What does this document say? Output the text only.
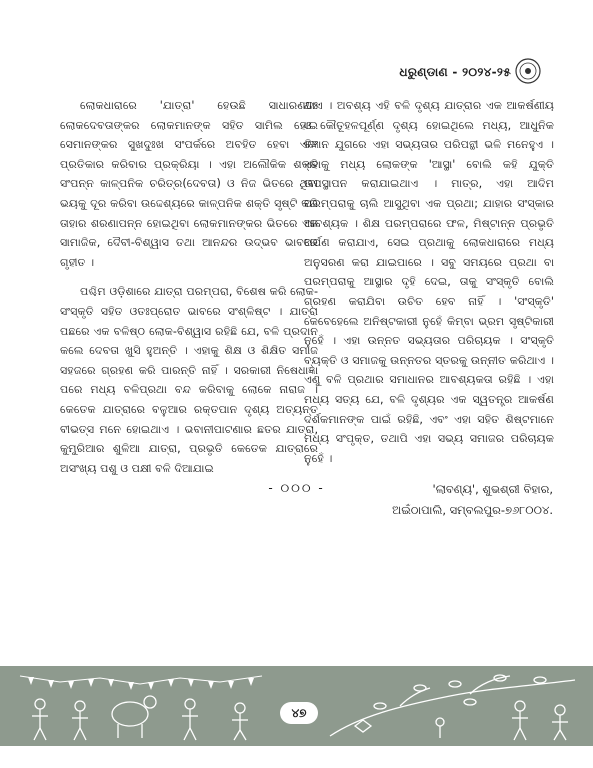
ଧରୁଣ୍ଡାଣ - ୨୦୨୪-୨୫

ଲୋକଧାରାରେ 'ଯାତ୍ରା' ହେଉଛି ସାଧାରଣତଃ ଲୋକଦେବତାଙ୍କର ଲୋକମାନଙ୍କ ସହିତ ସାମିଲ ହୋଇ ସେମାନଙ୍କର ସୁଖଦୁଃଖ ସଂପର୍କରେ ଅବହିତ ହେବା ଏବଂ ପ୍ରତିକାର କରିବାର ପ୍ରକ୍ରିୟା । ଏହା ଅଲୌକିକ ଶକ୍ତି ସଂପନ୍ନ କାଳ୍ପନିକ ଚରିତ୍ର(ଦେବତା) ଓ ନିଜ ଭିତରେ ଥିବା ଭୟକୁ ଦୂର କରିବା ଉଦ୍ଦେଶ୍ୟରେ କାଳ୍ପନିକ ଶକ୍ତି ସୃଷ୍ଟି କରି ତାହାର ଶରଣାପନ୍ନ ହୋଇଥିବା ଲୋକମାନଙ୍କର ଭିତରେ ଏକ ସାମାଜିକ, ଦୈବୀ-ବିଶ୍ୱାସ ତଥା ଆନନ୍ଦର ଉଦ୍ଭବ ଭାବରେ ଗୃହୀତ ।

ପଶ୍ଚିମ ଓଡ଼ିଶାରେ ଯାତ୍ରା ପରମ୍ପରା, ବିଶେଷ କରି ଲୋକ-ସଂସ୍କୃତି ସହିତ ଓତଃପ୍ରୋତ ଭାବରେ ସଂଶ୍ଳିଷ୍ଟ । ଯାତ୍ରା ପଛରେ ଏକ ବଳିଷ୍ଠ ଲୋକ-ବିଶ୍ୱାସ ରହିଛି ଯେ, ବଳି ପ୍ରଦାନ କଲେ ଦେବତା ଖୁସି ହୁଅନ୍ତି । ଏହାକୁ ଶିକ୍ଷ ଓ ଶିକ୍ଷିତ ସମାଜ ସହଜରେ ଗ୍ରହଣ କରି ପାରନ୍ତି ନାହିଁ । ସରକାରୀ ନିଷେଧାଜ୍ଞା ପରେ ମଧ୍ୟ ବଳିପ୍ରଥା ବନ୍ଦ କରିବାକୁ ଲୋକେ ନାରାଜ । କେତେକ ଯାତ୍ରାରେ ବଳୁଆର ରକ୍ତପାନ ଦୃଶ୍ୟ ଅତ୍ୟନ୍ତ ବୀଭତ୍ସ ମନେ ହୋଇଥାଏ । ଭବାନୀପାଟଣାର ଛତର ଯାତ୍ରା, କୁମୁରିଆର ଶୁଳିଆ ଯାତ୍ରା, ପ୍ରଭୃତି କେତେକ ଯାତ୍ରାରେ ଅସଂଖ୍ୟ ପଶୁ ଓ ପକ୍ଷୀ ବଳି ଦିଆଯାଇ

ଥାଏ । ଅବଶ୍ୟ ଏହି ବଳି ଦୃଶ୍ୟ ଯାତ୍ରାର ଏକ ଆକର୍ଷଣୀୟ ଓ କୌତୂହଳପୂର୍ଣ୍ଣ ଦୃଶ୍ୟ ହୋଇଥିଲେ ମଧ୍ୟ, ଆଧୁନିକ ବିଜ୍ଞାନ ଯୁଗରେ ଏହା ସଭ୍ୟତାର ପରିପନ୍ଥୀ ଭଳି ମନେହୁଏ । ଏହାକୁ ମଧ୍ୟ ଲୋକଙ୍କ 'ଆସ୍ଥା' ବୋଲି କହି ଯୁକ୍ତି ଉପସ୍ଥାପନ କରାଯାଇଥାଏ । ମାତ୍ର, ଏହା ଆଦିମ ପରମ୍ପରାକୁ ଚାଲି ଆସୁଥିବା ଏକ ପ୍ରଥା; ଯାହାର ସଂସ୍କାର ଆବଶ୍ୟକ । ଶିକ୍ଷ ପରମ୍ପରାରେ ଫଳ, ମିଷ୍ଟାନ୍ନ ପ୍ରଭୃତି ଅର୍ପଣ କରାଯାଏ, ସେଇ ପ୍ରଥାକୁ ଲୋକଧାରାରେ ମଧ୍ୟ ଅନୁସରଣ କରା ଯାଇପାରେ । ସବୁ ସମୟରେ ପ୍ରଥା ବା ପରମ୍ପରାକୁ ଆସ୍ଥାର ଦୃହି ଦେଇ, ତାକୁ ସଂସ୍କୃତି ବୋଲି ଗ୍ରହଣ କରାଯିବା ଉଚିତ ହେବ ନାହିଁ । 'ସଂସ୍କୃତି' କେବେହେଲେ ଅନିଷ୍ଟକାରୀ ନୁହେଁ କିମ୍ବା ଭ୍ରମ ସୃଷ୍ଟିକାରୀ ନୁହେଁ । ଏହା ଉନ୍ନତ ସଭ୍ୟତାର ପରିଚାୟକ । ସଂସ୍କୃତି ବ୍ୟକ୍ତି ଓ ସମାଜକୁ ଉନ୍ନତର ସ୍ତରକୁ ଉନ୍ନୀତ କରିଥାଏ । ଏଣୁ ବଳି ପ୍ରଥାର ସମାଧାନର ଆବଶ୍ୟକତା ରହିଛି । ଏହା ମଧ୍ୟ ସତ୍ୟ ଯେ, ବଳି ଦୃଶ୍ୟର ଏକ ସ୍ୱତନ୍ତ୍ର ଆକର୍ଷଣ ଦର୍ଶକମାନଙ୍କ ପାଇଁ ରହିଛି, ଏବଂ ଏହା ସହିତ ଶିଷ୍ଟମାନେ ମଧ୍ୟ ସଂପୃକ୍ତ, ତଥାପି ଏହା ସଭ୍ୟ ସମାଜର ପରିଚାୟକ ନୁହେଁ ।

'ଲାବଣ୍ୟ', ଶୁଭଶ୍ରୀ ବିହାର,
ଅଇଁଠାପାଲି, ସମ୍ବଲପୁର-୭୬୮୦୦୪.
- ୦୦୦ -
୪୭
